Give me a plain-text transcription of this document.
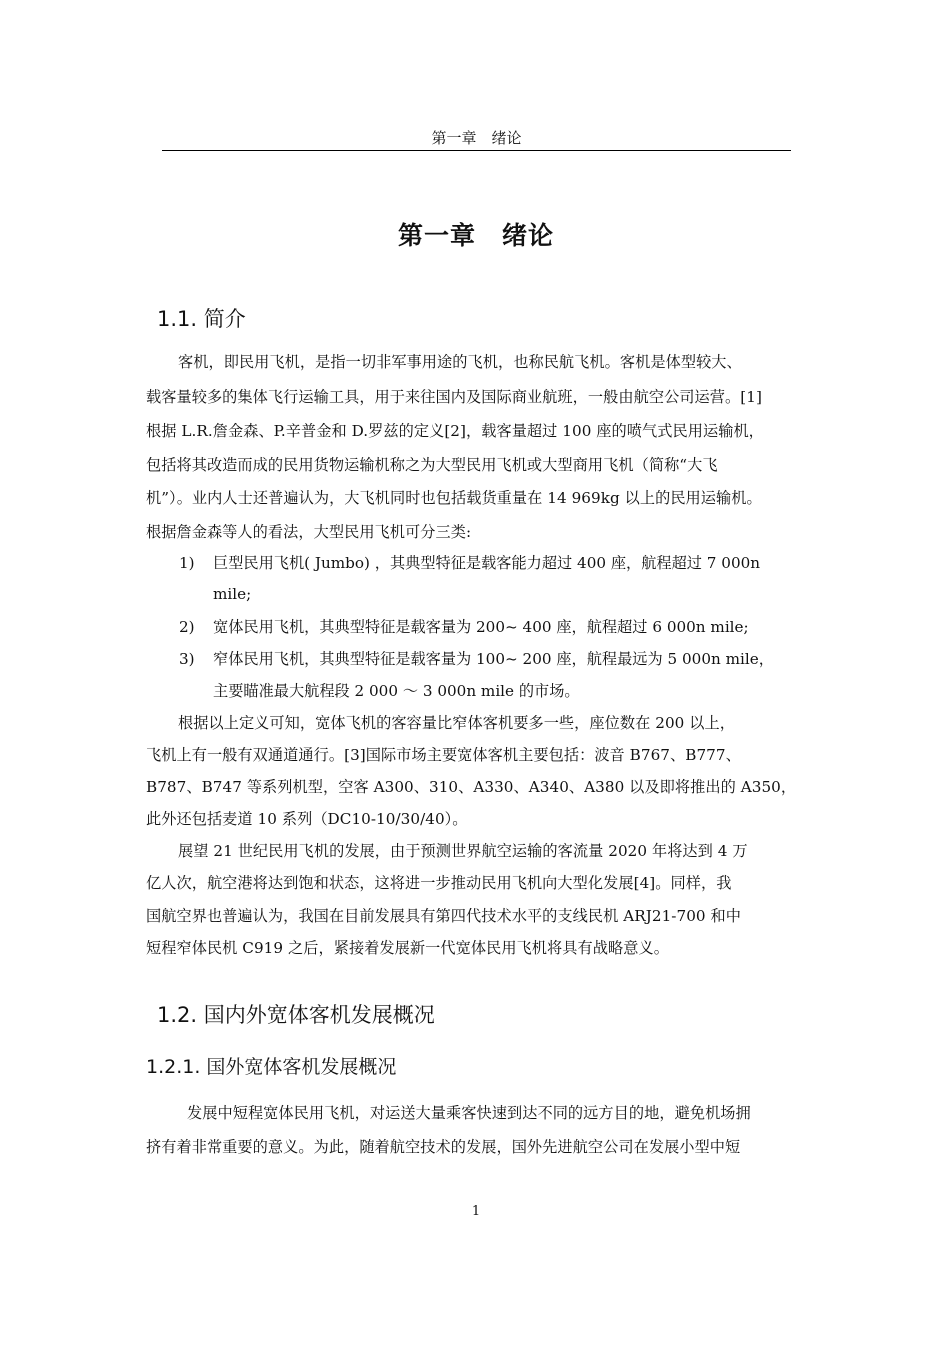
第一章　绪论
第一章　绪论
1.1. 简介
客机，即民用飞机，是指一切非军事用途的飞机，也称民航飞机。客机是体型较大、
载客量较多的集体飞行运输工具，用于来往国内及国际商业航班，一般由航空公司运营。[1]
根据 L.R.詹金森、P.辛普金和 D.罗兹的定义[2]，载客量超过 100 座的喷气式民用运输机，
包括将其改造而成的民用货物运输机称之为大型民用飞机或大型商用飞机（简称“大飞
机”）。业内人士还普遍认为，大飞机同时也包括载货重量在 14 969kg 以上的民用运输机。
根据詹金森等人的看法，大型民用飞机可分三类:
1) 巨型民用飞机( Jumbo) ，其典型特征是载客能力超过 400 座，航程超过 7 000n
mile;
2) 宽体民用飞机，其典型特征是载客量为 200~ 400 座，航程超过 6 000n mile;
3) 窄体民用飞机，其典型特征是载客量为 100~ 200 座，航程最远为 5 000n mile，
主要瞄准最大航程段 2 000 ～ 3 000n mile 的市场。
根据以上定义可知，宽体飞机的客容量比窄体客机要多一些，座位数在 200 以上，
飞机上有一般有双通道通行。[3]国际市场主要宽体客机主要包括：波音 B767、B777、
B787、B747 等系列机型，空客 A300、310、A330、A340、A380 以及即将推出的 A350，
此外还包括麦道 10 系列（DC10-10/30/40）。
展望 21 世纪民用飞机的发展，由于预测世界航空运输的客流量 2020 年将达到 4 万
亿人次，航空港将达到饱和状态，这将进一步推动民用飞机向大型化发展[4]。同样，我
国航空界也普遍认为，我国在目前发展具有第四代技术水平的支线民机 ARJ21-700 和中
短程窄体民机 C919 之后，紧接着发展新一代宽体民用飞机将具有战略意义。
1.2. 国内外宽体客机发展概况
1.2.1. 国外宽体客机发展概况
发展中短程宽体民用飞机，对运送大量乘客快速到达不同的远方目的地，避免机场拥
挤有着非常重要的意义。为此，随着航空技术的发展，国外先进航空公司在发展小型中短
1
